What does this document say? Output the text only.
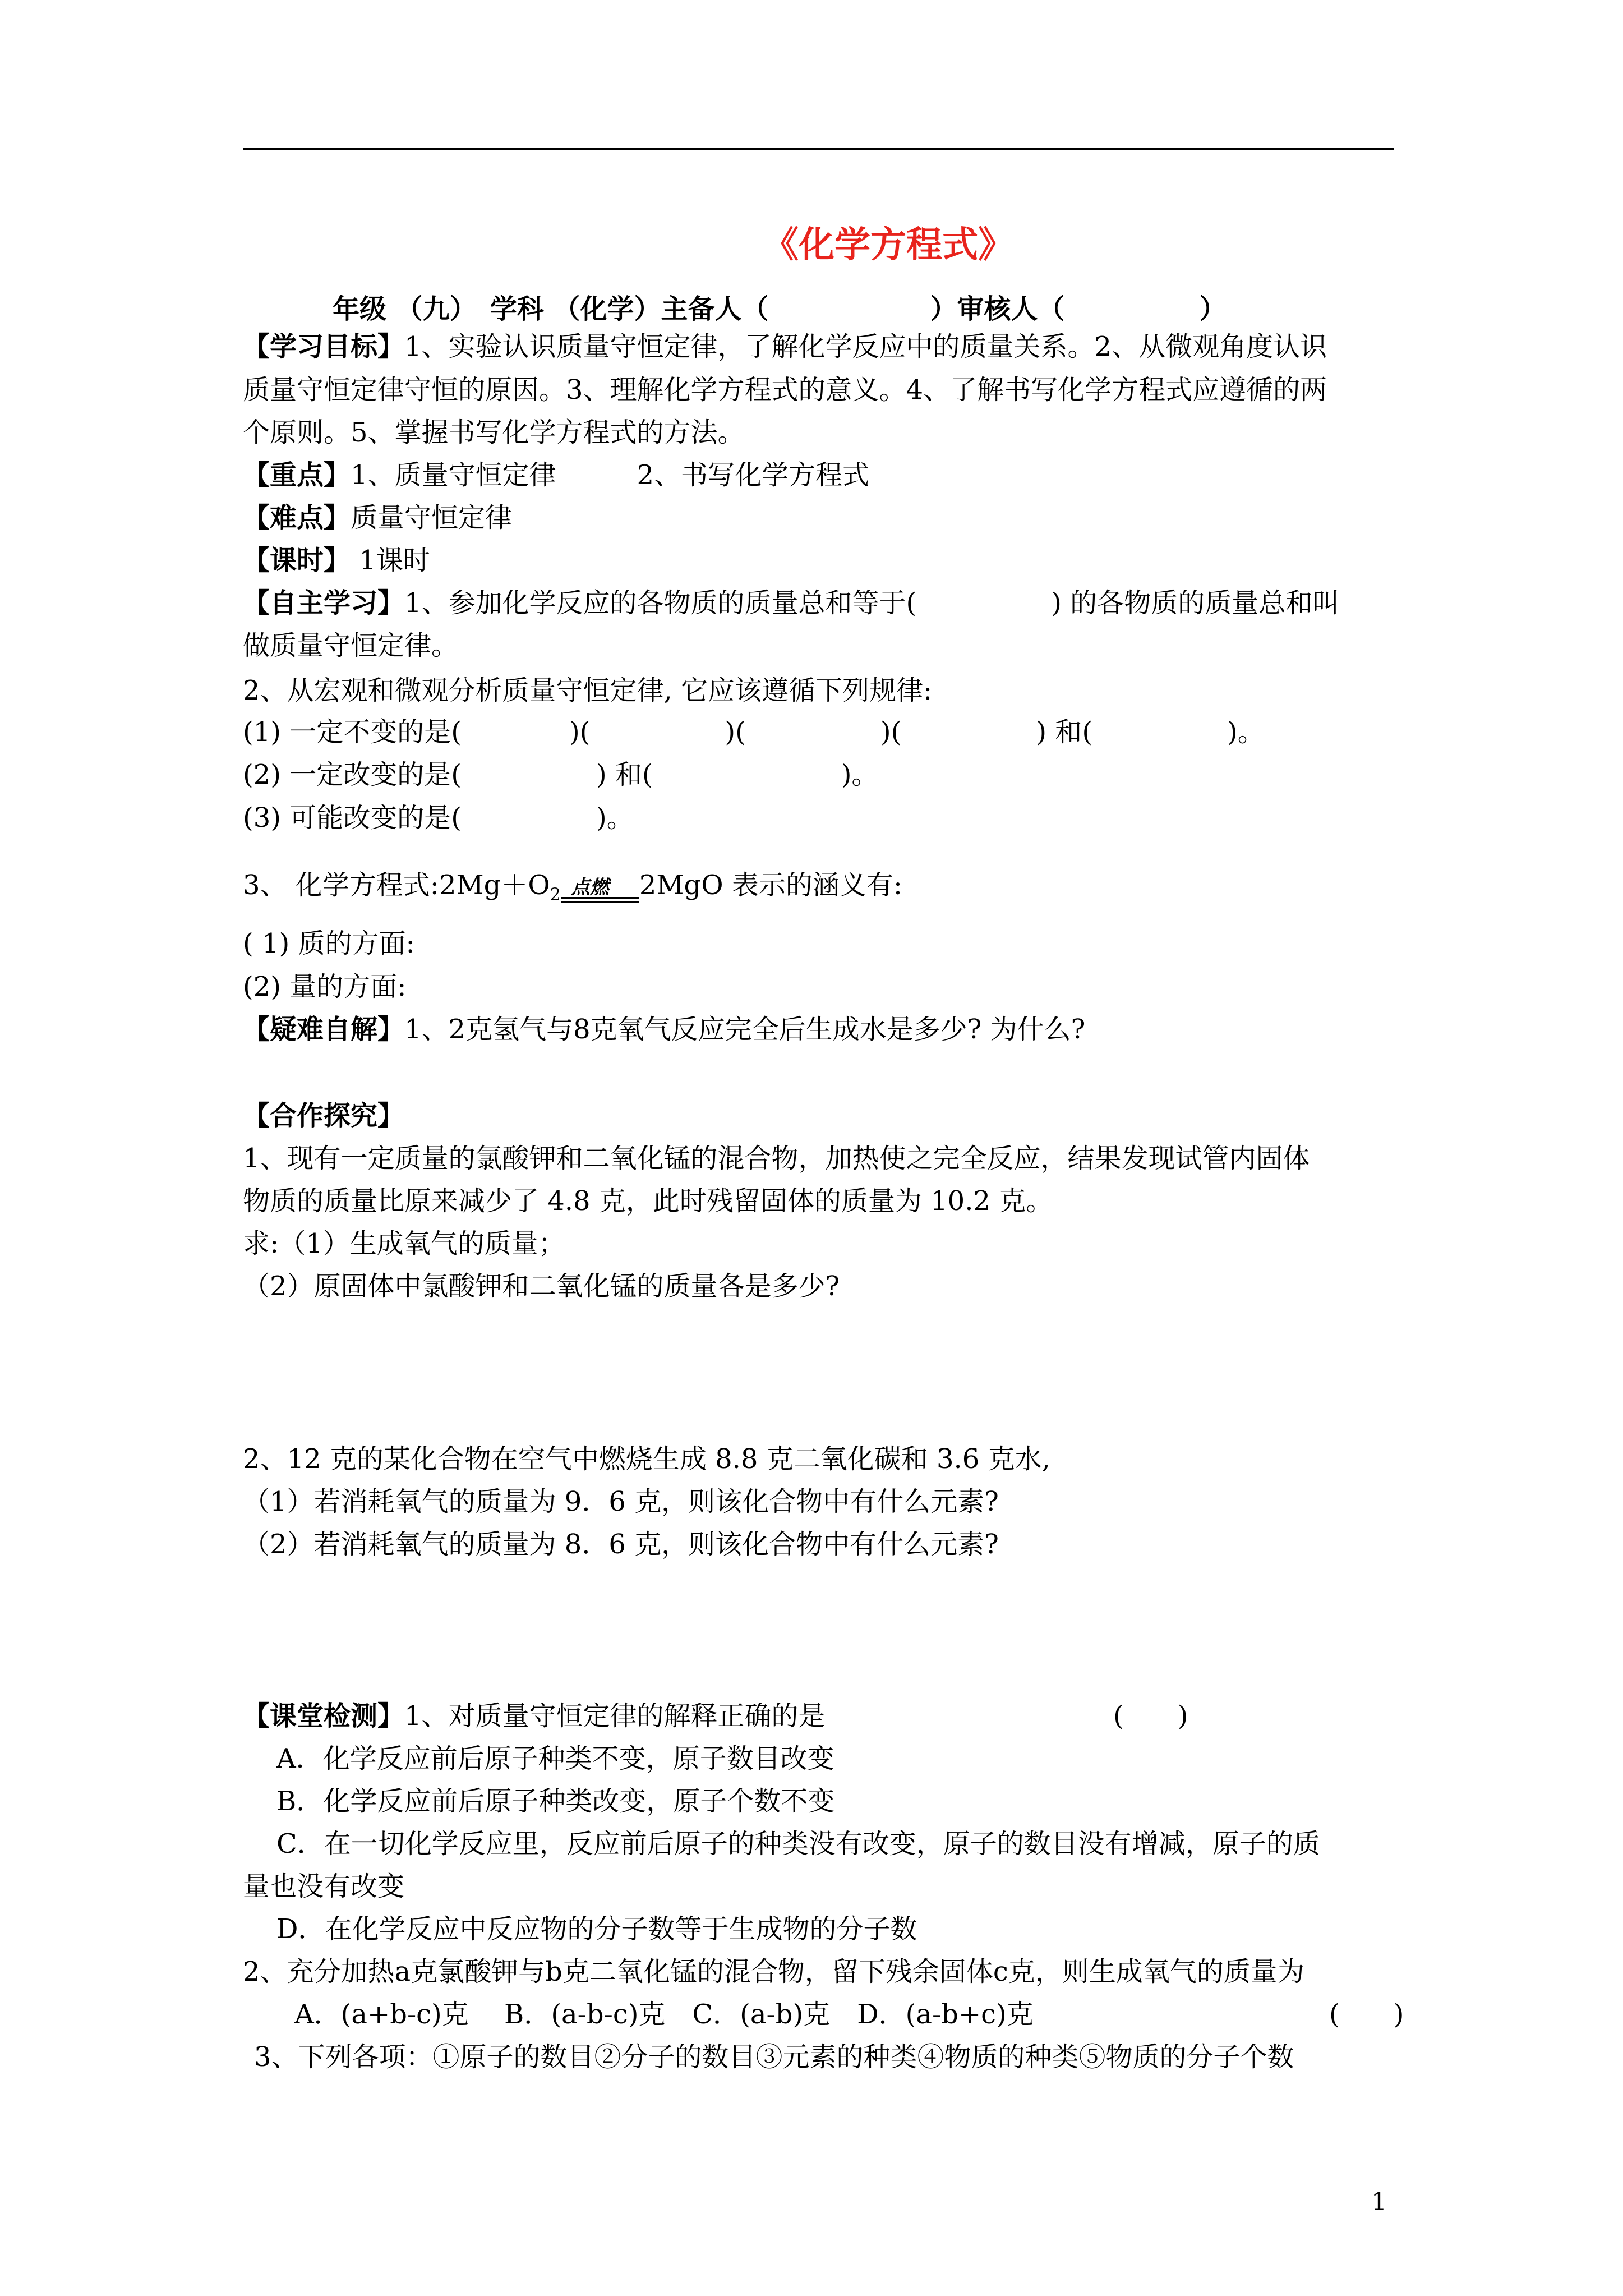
《化学方程式》
年级 （九）　 学科 （化学）主备人（　　　　　　）审核人（　　　　　）
【学习目标】1、实验认识质量守恒定律，了解化学反应中的质量关系。2、从微观角度认识
质量守恒定律守恒的原因。3、理解化学方程式的意义。4、了解书写化学方程式应遵循的两
个原则。5、掌握书写化学方程式的方法。
【重点】1、质量守恒定律　　　2、书写化学方程式
【难点】质量守恒定律
【课时】 1课时
【自主学习】1、参加化学反应的各物质的质量总和等于(　　　　　) 的各物质的质量总和叫
做质量守恒定律。
2、从宏观和微观分析质量守恒定律, 它应该遵循下列规律:
(1) 一定不变的是(　　　　)(　　　　　)(　　　　　)(　　　　　) 和(　　　　　)。
(2) 一定改变的是(　　　　　) 和(　　　　　　　)。
(3) 可能改变的是(　　　　　)。
3、 化学方程式$:2Mg+O_2$ 点燃 2MgO 表示的涵义有:
( 1) 质的方面:
(2) 量的方面:
【疑难自解】1、2克氢气与8克氧气反应完全后生成水是多少? 为什么?
【合作探究】
1、现有一定质量的氯酸钾和二氧化锰的混合物，加热使之完全反应，结果发现试管内固体
物质的质量比原来减少了 4.8 克，此时残留固体的质量为 10.2 克。
求:（1）生成氧气的质量；
（2）原固体中氯酸钾和二氧化锰的质量各是多少?
2、12 克的某化合物在空气中燃烧生成 8.8 克二氧化碳和 3.6 克水,
（1）若消耗氧气的质量为 9．6 克，则该化合物中有什么元素?
（2）若消耗氧气的质量为 8．6 克，则该化合物中有什么元素?
【课堂检测】1、对质量守恒定律的解释正确的是	(　　)
A．化学反应前后原子种类不变，原子数目改变
B．化学反应前后原子种类改变，原子个数不变
C．在一切化学反应里，反应前后原子的种类没有改变，原子的数目没有增减，原子的质
量也没有改变
D．在化学反应中反应物的分子数等于生成物的分子数
2、充分加热a克氯酸钾与b克二氧化锰的混合物，留下残余固体c克，则生成氧气的质量为
A．(a+b-c)克　 B．(a-b-c)克　C．(a-b)克　D．(a-b+c)克	(　　)
3、下列各项：①原子的数目②分子的数目③元素的种类④物质的种类⑤物质的分子个数
1
